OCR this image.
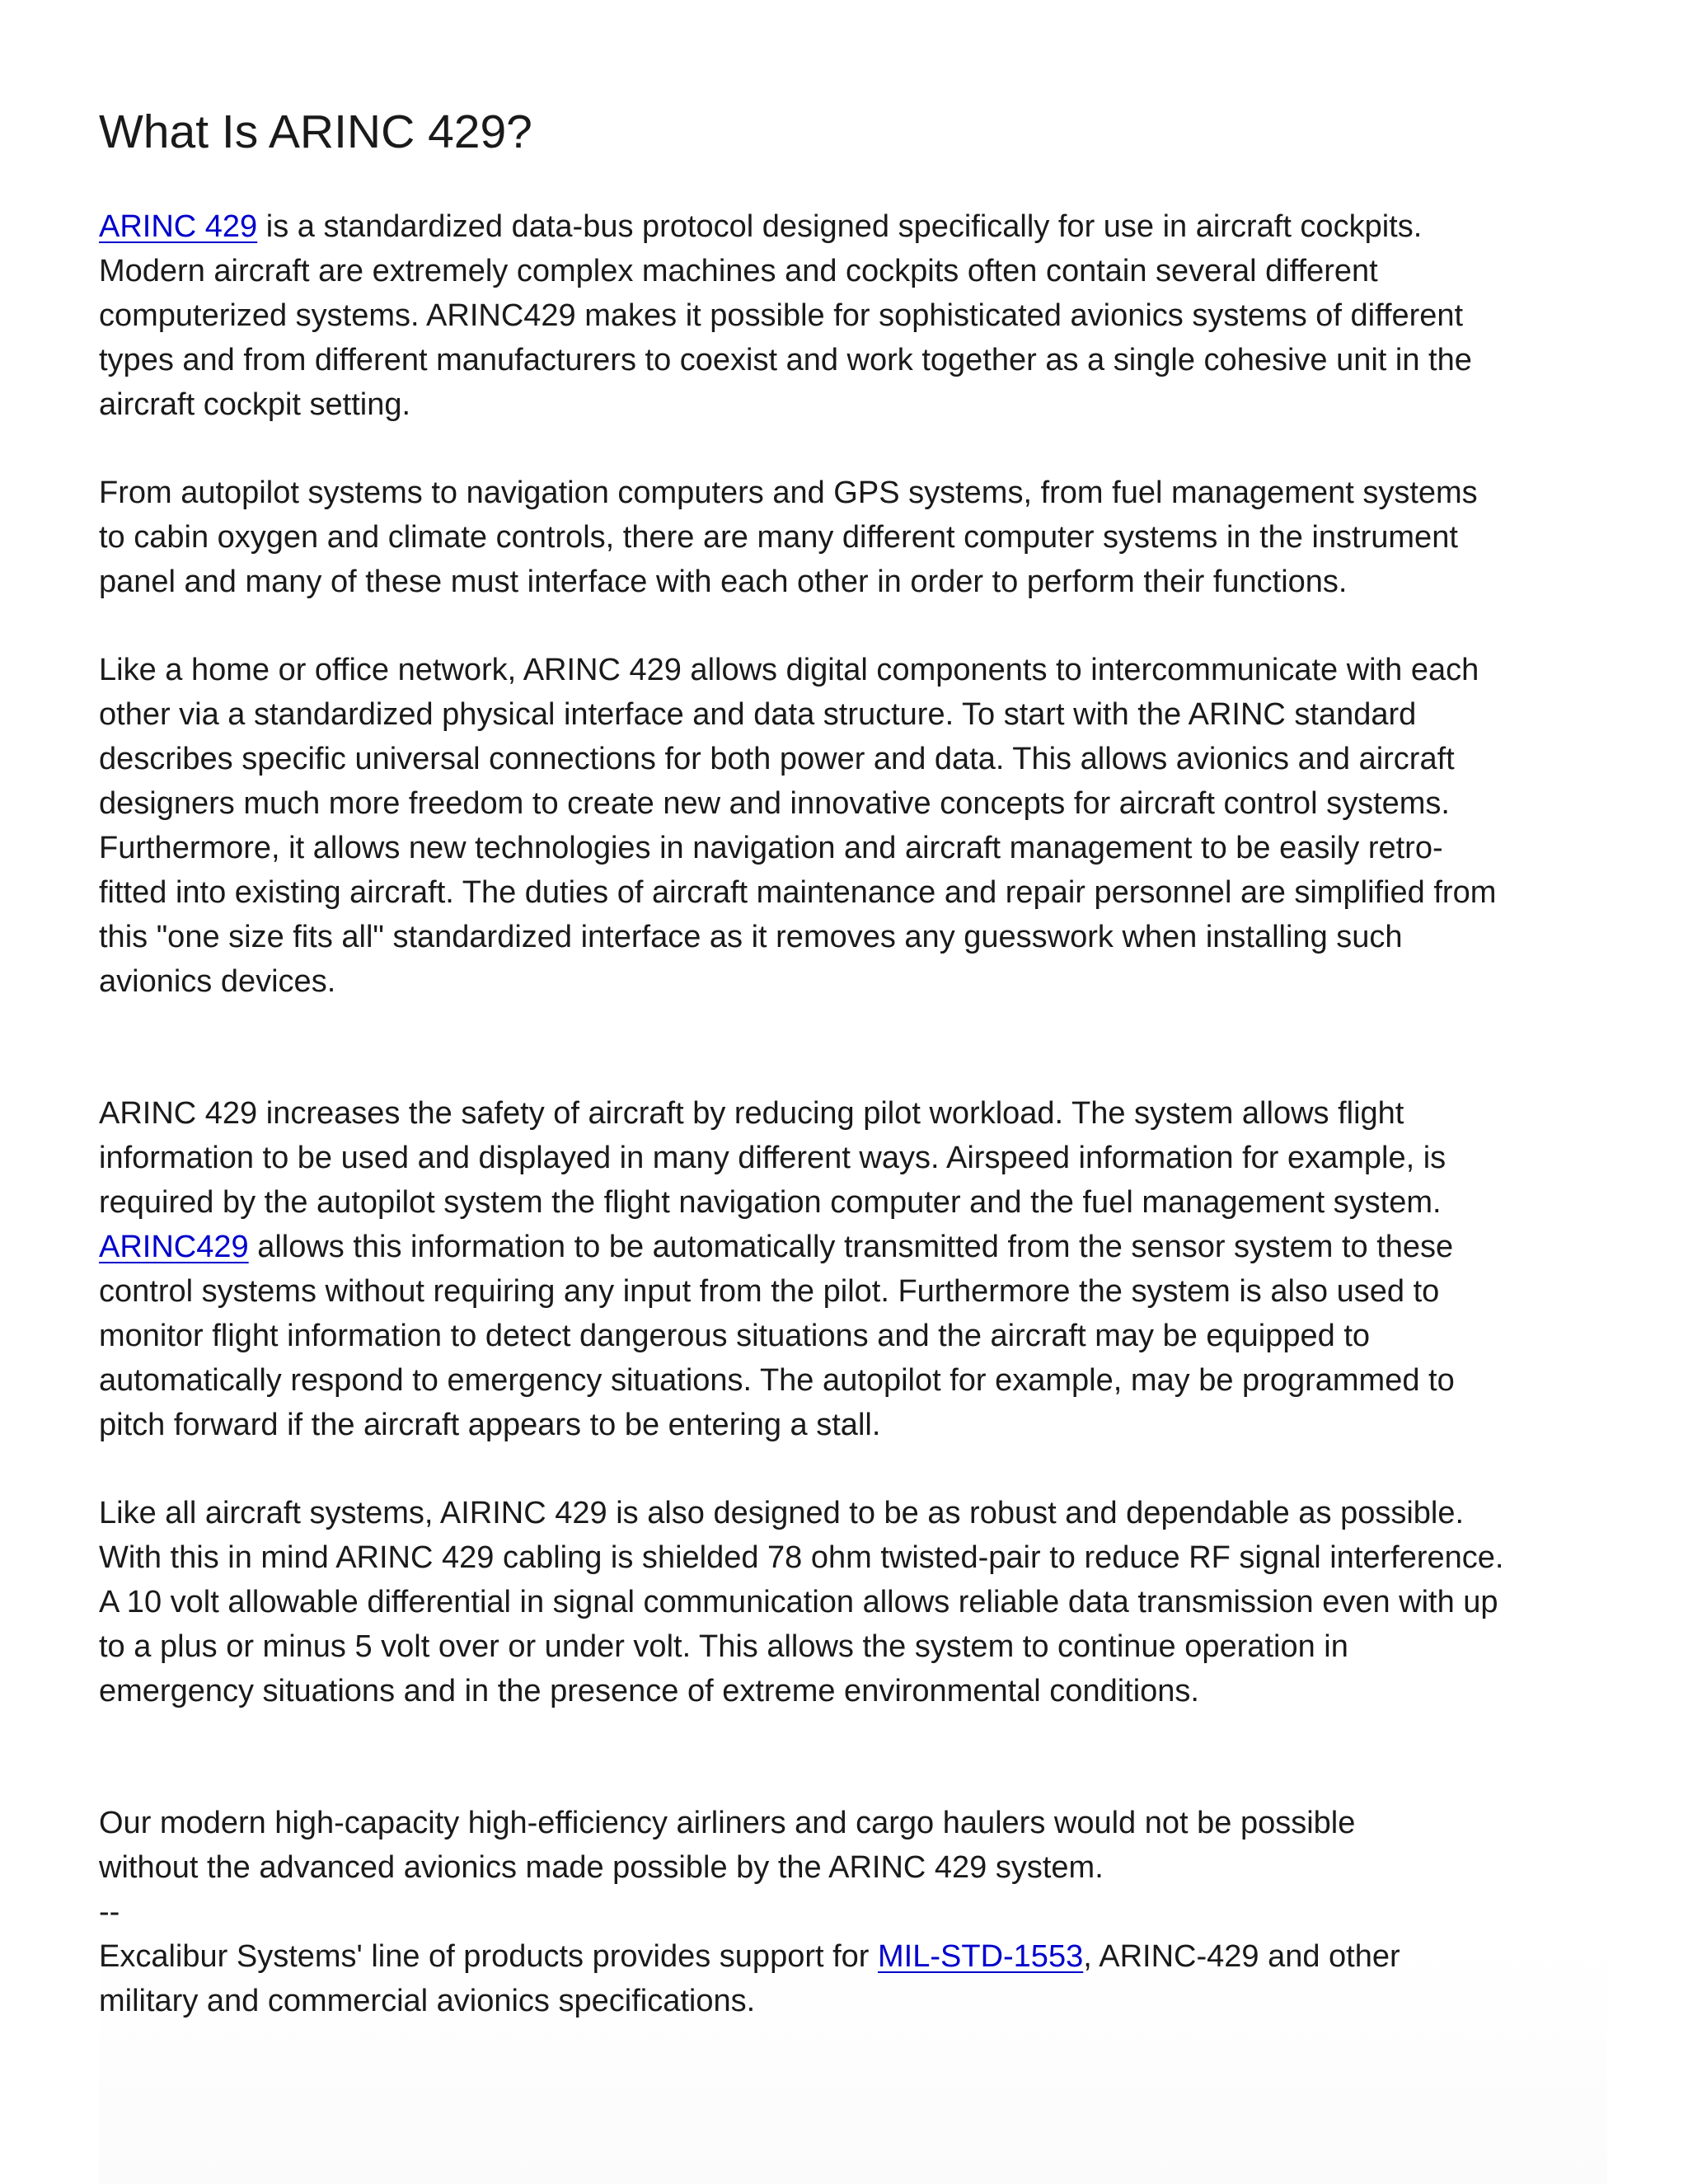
What Is ARINC 429?

ARINC 429 is a standardized data-bus protocol designed specifically for use in aircraft cockpits.
Modern aircraft are extremely complex machines and cockpits often contain several different
computerized systems. ARINC429 makes it possible for sophisticated avionics systems of different
types and from different manufacturers to coexist and work together as a single cohesive unit in the
aircraft cockpit setting.

From autopilot systems to navigation computers and GPS systems, from fuel management systems
to cabin oxygen and climate controls, there are many different computer systems in the instrument
panel and many of these must interface with each other in order to perform their functions.

Like a home or office network, ARINC 429 allows digital components to intercommunicate with each
other via a standardized physical interface and data structure. To start with the ARINC standard
describes specific universal connections for both power and data. This allows avionics and aircraft
designers much more freedom to create new and innovative concepts for aircraft control systems.
Furthermore, it allows new technologies in navigation and aircraft management to be easily retro-
fitted into existing aircraft. The duties of aircraft maintenance and repair personnel are simplified from
this "one size fits all" standardized interface as it removes any guesswork when installing such
avionics devices.

ARINC 429 increases the safety of aircraft by reducing pilot workload. The system allows flight
information to be used and displayed in many different ways. Airspeed information for example, is
required by the autopilot system the flight navigation computer and the fuel management system.
ARINC429 allows this information to be automatically transmitted from the sensor system to these
control systems without requiring any input from the pilot. Furthermore the system is also used to
monitor flight information to detect dangerous situations and the aircraft may be equipped to
automatically respond to emergency situations. The autopilot for example, may be programmed to
pitch forward if the aircraft appears to be entering a stall.

Like all aircraft systems, AIRINC 429 is also designed to be as robust and dependable as possible.
With this in mind ARINC 429 cabling is shielded 78 ohm twisted-pair to reduce RF signal interference.
A 10 volt allowable differential in signal communication allows reliable data transmission even with up
to a plus or minus 5 volt over or under volt. This allows the system to continue operation in
emergency situations and in the presence of extreme environmental conditions.

Our modern high-capacity high-efficiency airliners and cargo haulers would not be possible
without the advanced avionics made possible by the ARINC 429 system.
--
Excalibur Systems' line of products provides support for MIL-STD-1553, ARINC-429 and other
military and commercial avionics specifications.
